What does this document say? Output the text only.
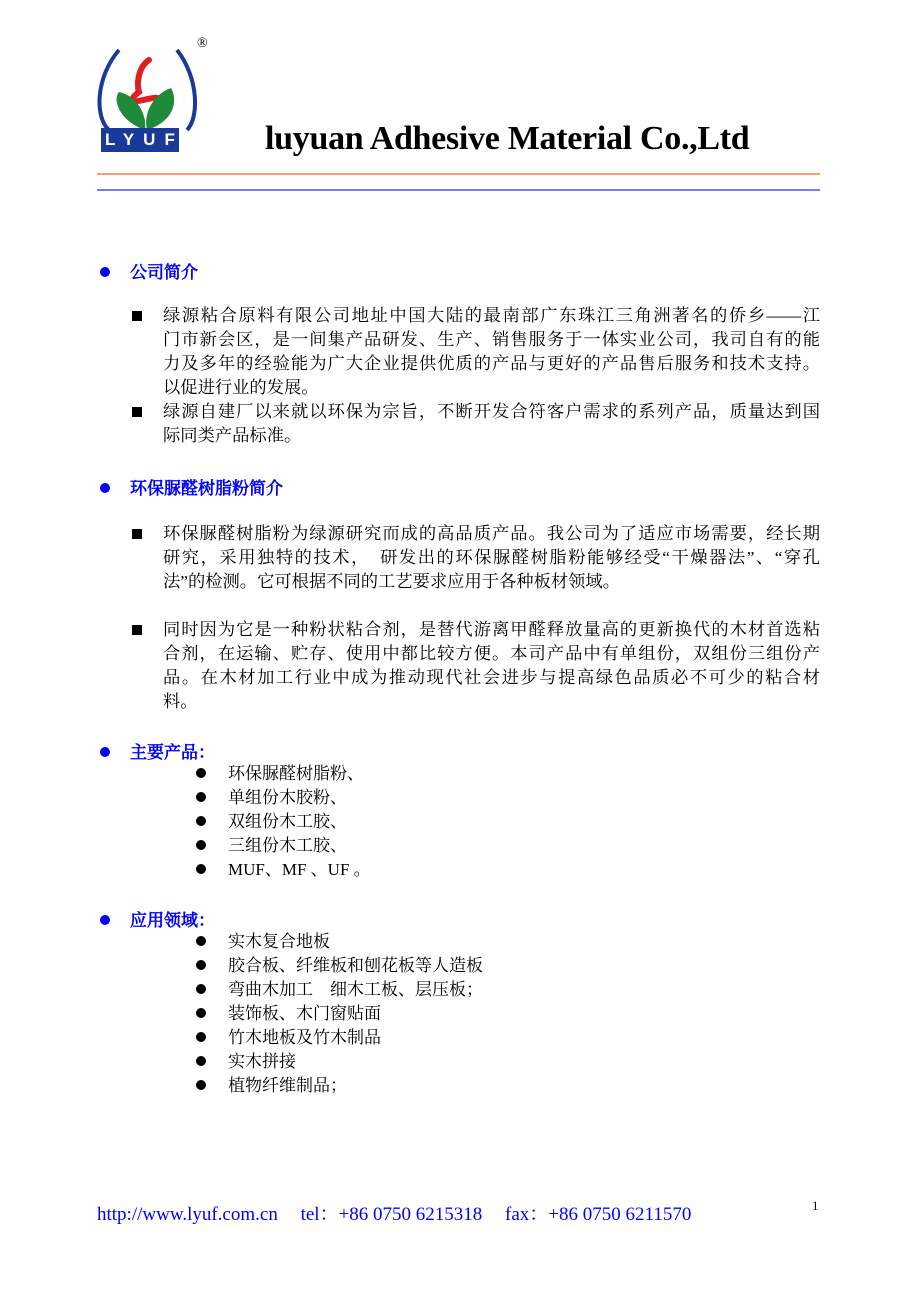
LYUF
®
luyuan Adhesive Material Co.,Ltd
公司简介
绿源粘合原料有限公司地址中国大陆的最南部广东珠江三角洲著名的侨乡——江
门市新会区，是一间集产品研发、生产、销售服务于一体实业公司，我司自有的能
力及多年的经验能为广大企业提供优质的产品与更好的产品售后服务和技术支持。
以促进行业的发展。
绿源自建厂以来就以环保为宗旨，不断开发合符客户需求的系列产品，质量达到国
际同类产品标准。
环保脲醛树脂粉简介
环保脲醛树脂粉为绿源研究而成的高品质产品。我公司为了适应市场需要，经长期
研究，采用独特的技术，　研发出的环保脲醛树脂粉能够经受“干燥器法”、“穿孔
法”的检测。它可根据不同的工艺要求应用于各种板材领域。
同时因为它是一种粉状粘合剂，是替代游离甲醛释放量高的更新换代的木材首选粘
合剂，在运输、贮存、使用中都比较方便。本司产品中有单组份，双组份三组份产
品。在木材加工行业中成为推动现代社会进步与提高绿色品质必不可少的粘合材
料。
主要产品：
环保脲醛树脂粉、
单组份木胶粉、
双组份木工胶、
三组份木工胶、
MUF、MF 、UF 。
应用领域：
实木复合地板
胶合板、纤维板和刨花板等人造板
弯曲木加工　细木工板、层压板；
装饰板、木门窗贴面
竹木地板及竹木制品
实木拼接
植物纤维制品；
http://www.lyuf.com.cn tel：+86 0750 6215318 fax：+86 0750 6211570	1
